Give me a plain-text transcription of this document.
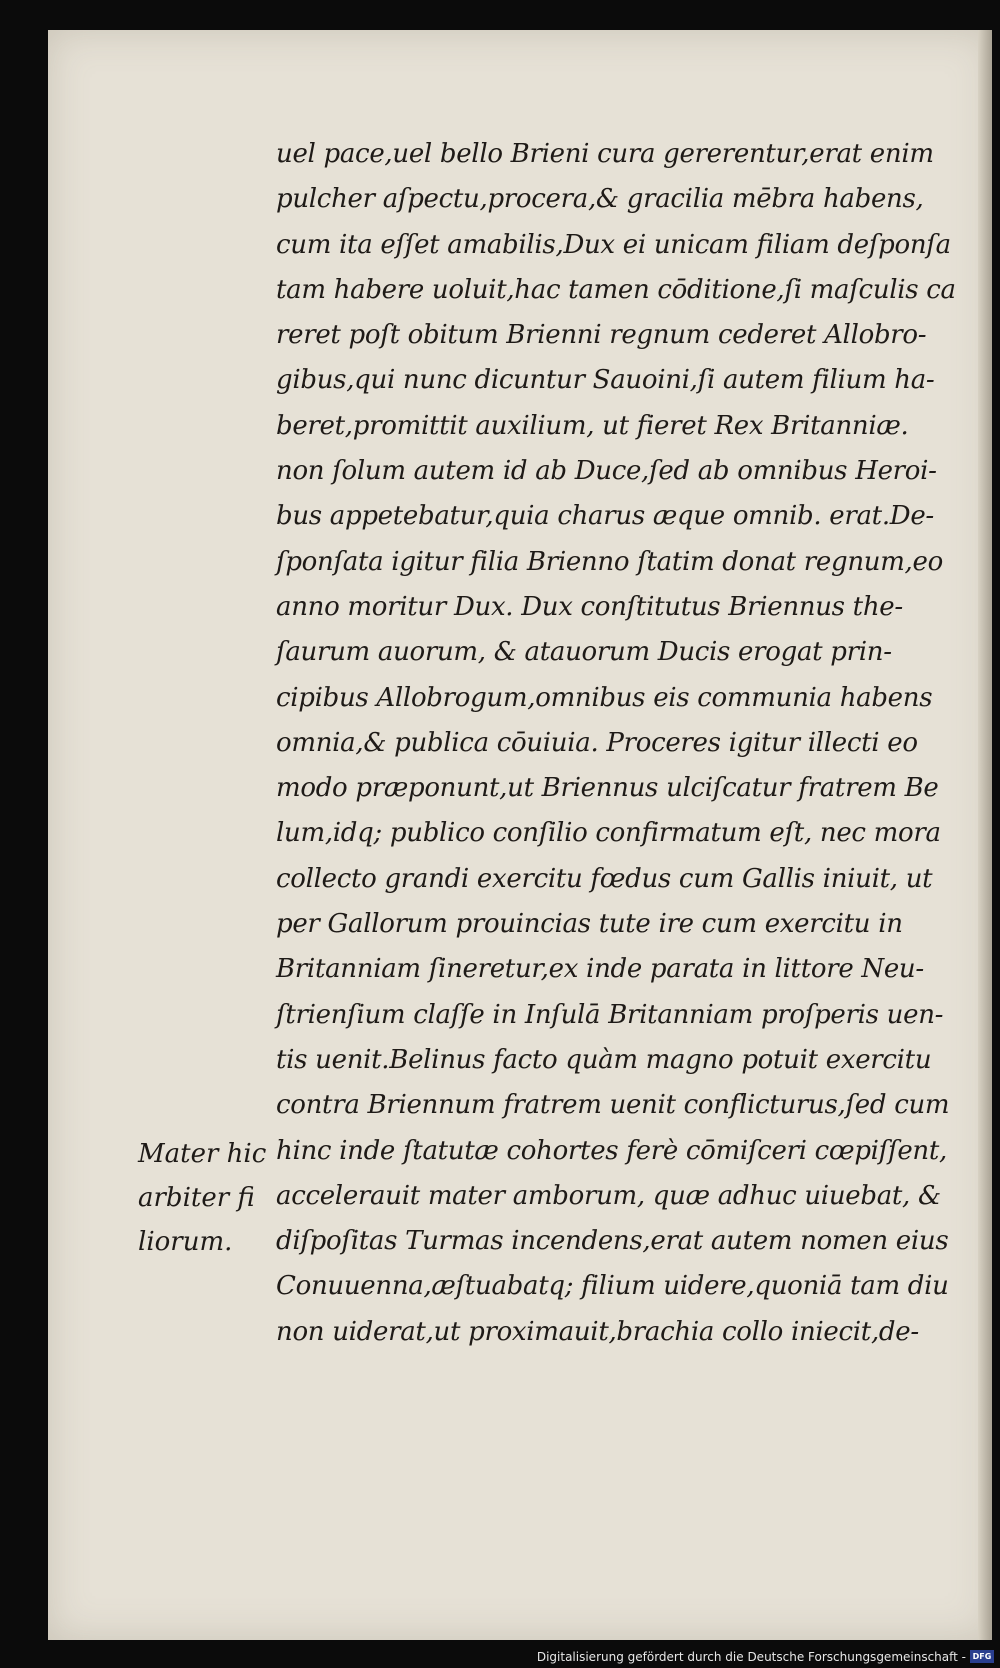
uel pace,uel bello Brieni cura gererentur,erat enim
pulcher aſpectu,procera,& gracilia mēbra habens,
cum ita eſſet amabilis,Dux ei unicam filiam deſponſa
tam habere uoluit,hac tamen cōditione,ſi maſculis ca
reret poſt obitum Brienni regnum cederet Allobro-
gibus,qui nunc dicuntur Sauoini,ſi autem filium ha-
beret,promittit auxilium, ut fieret Rex Britanniæ.
non ſolum autem id ab Duce,ſed ab omnibus Heroi-
bus appetebatur,quia charus æque omnib. erat.De-
ſponſata igitur filia Brienno ſtatim donat regnum,eo
anno moritur Dux. Dux conſtitutus Briennus the-
ſaurum auorum, & atauorum Ducis erogat prin-
cipibus Allobrogum,omnibus eis communia habens
omnia,& publica cōuiuia. Proceres igitur illecti eo
modo præponunt,ut Briennus ulciſcatur fratrem Be
lum,idq; publico conſilio confirmatum eſt, nec mora
collecto grandi exercitu fœdus cum Gallis iniuit, ut
per Gallorum prouincias tute ire cum exercitu in
Britanniam ſineretur,ex inde parata in littore Neu-
ſtrienſium claſſe in Inſulā Britanniam proſperis uen-
tis uenit.Belinus facto quàm magno potuit exercitu
contra Briennum fratrem uenit conflicturus,ſed cum
hinc inde ſtatutæ cohortes ferè cōmiſceri cœpiſſent,
accelerauit mater amborum, quæ adhuc uiuebat, &
diſpoſitas Turmas incendens,erat autem nomen eius
Conuuenna,æſtuabatq; filium uidere,quoniā tam diu
non uiderat,ut proximauit,brachia collo iniecit,de-
Mater hic
arbiter fi
liorum.
Digitalisierung gefördert durch die Deutsche Forschungsgemeinschaft - DFG
